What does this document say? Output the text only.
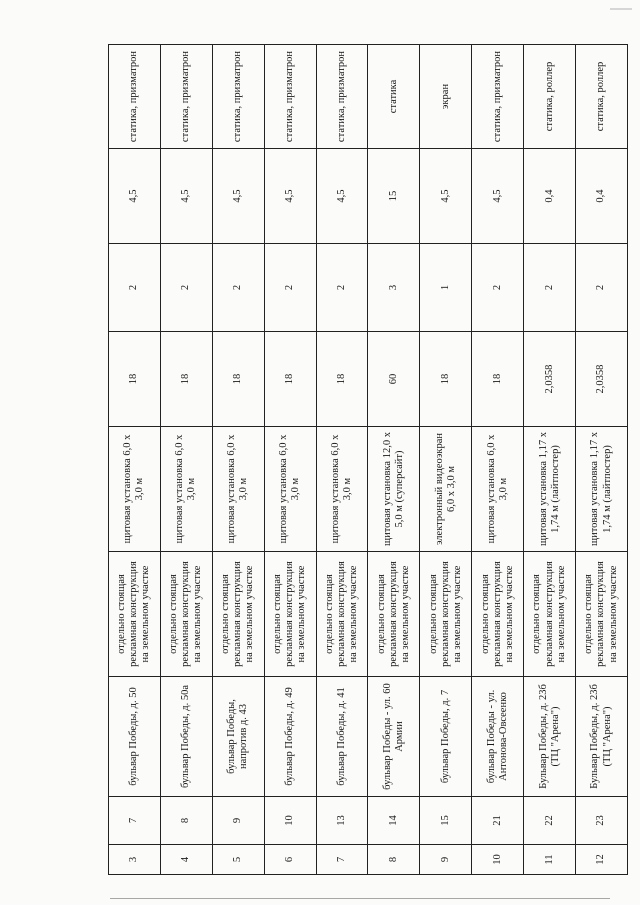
3	7	бульвар Победы, д. 50	отдельно стоящая рекламная конструкция на земельном участке	щитовая установка 6,0 х 3,0 м	18	2	4,5	статика, призматрон
4	8	бульвар Победы, д. 50а	отдельно стоящая рекламная конструкция на земельном участке	щитовая установка 6,0 х 3,0 м	18	2	4,5	статика, призматрон
5	9	бульвар Победы, напротив д. 43	отдельно стоящая рекламная конструкция на земельном участке	щитовая установка 6,0 х 3,0 м	18	2	4,5	статика, призматрон
6	10	бульвар Победы, д. 49	отдельно стоящая рекламная конструкция на земельном участке	щитовая установка 6,0 х 3,0 м	18	2	4,5	статика, призматрон
7	13	бульвар Победы, д. 41	отдельно стоящая рекламная конструкция на земельном участке	щитовая установка 6,0 х 3,0 м	18	2	4,5	статика, призматрон
8	14	бульвар Победы - ул. 60 Армии	отдельно стоящая рекламная конструкция на земельном участке	щитовая установка 12,0 х 5,0 м (суперсайт)	60	3	15	статика
9	15	бульвар Победы, д. 7	отдельно стоящая рекламная конструкция на земельном участке	электронный видеоэкран 6,0 х 3,0 м	18	1	4,5	экран
10	21	бульвар Победы - ул. Антонова-Овсеенко	отдельно стоящая рекламная конструкция на земельном участке	щитовая установка 6,0 х 3,0 м	18	2	4,5	статика, призматрон
11	22	Бульвар Победы, д. 23б (ТЦ "Арена")	отдельно стоящая рекламная конструкция на земельном участке	щитовая установка 1,17 х 1,74 м (лайтпостер)	2,0358	2	0,4	статика, роллер
12	23	Бульвар Победы, д. 23б (ТЦ "Арена")	отдельно стоящая рекламная конструкция на земельном участке	щитовая установка 1,17 х 1,74 м (лайтпостер)	2,0358	2	0,4	статика, роллер
